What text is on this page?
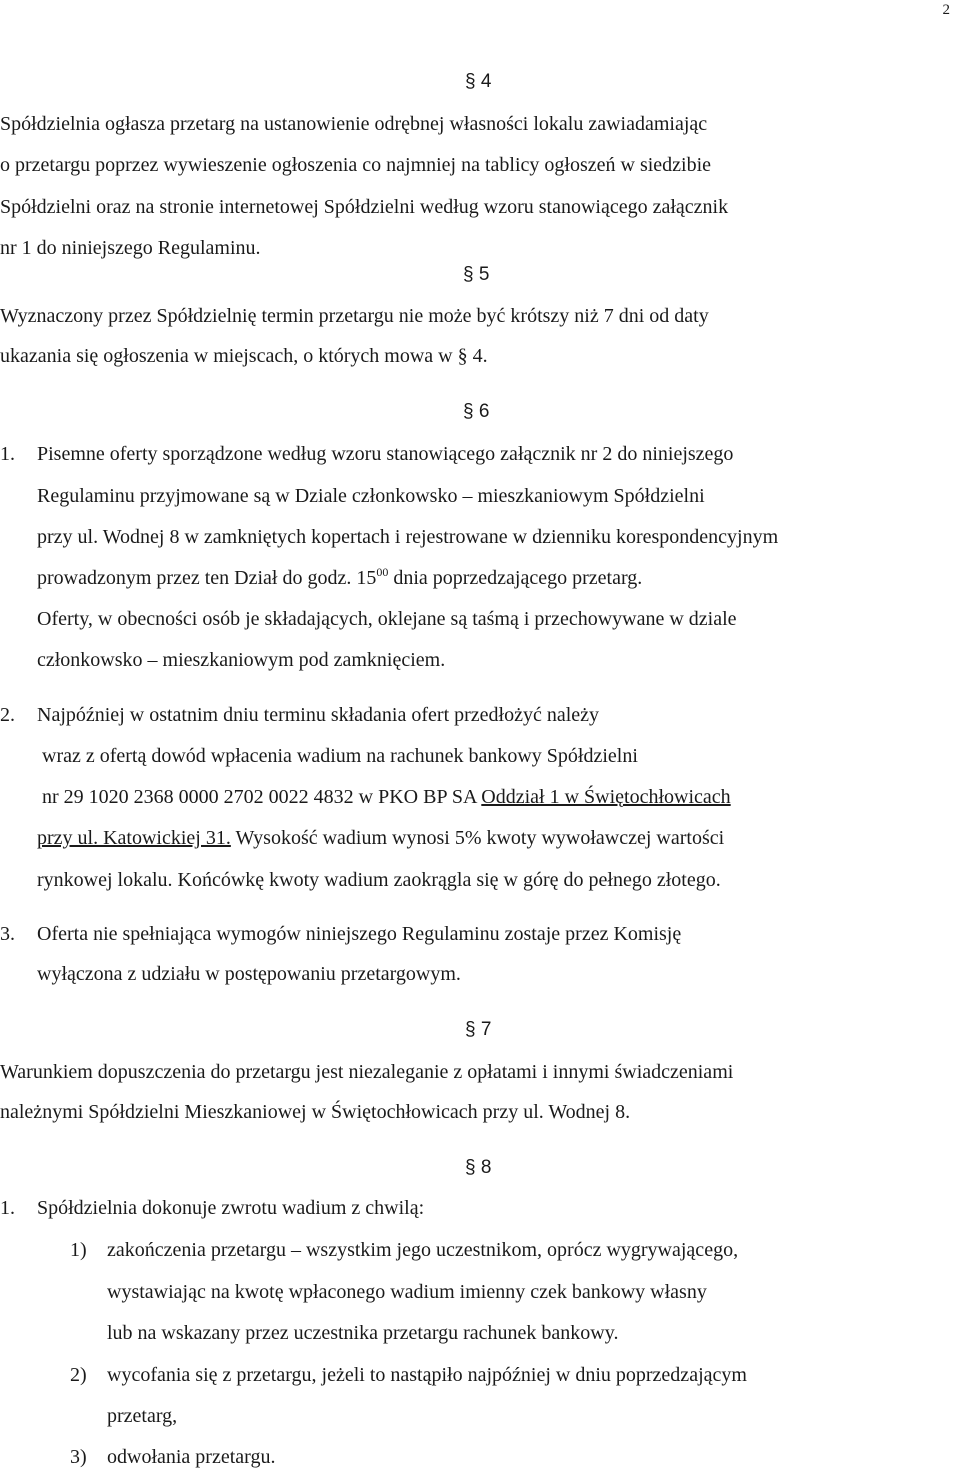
2
§ 4
Spółdzielnia ogłasza przetarg na ustanowienie odrębnej własności lokalu zawiadamiając
o przetargu poprzez wywieszenie ogłoszenia co najmniej na tablicy ogłoszeń w siedzibie
Spółdzielni oraz na stronie internetowej Spółdzielni według wzoru stanowiącego załącznik
nr 1 do niniejszego Regulaminu.
§ 5
Wyznaczony przez Spółdzielnię termin przetargu nie może być krótszy niż 7 dni od daty
ukazania się ogłoszenia w miejscach, o których mowa w § 4.
§ 6
1. Pisemne oferty sporządzone według wzoru stanowiącego załącznik nr 2 do niniejszego
Regulaminu przyjmowane są w Dziale członkowsko – mieszkaniowym Spółdzielni
przy ul. Wodnej 8 w zamkniętych kopertach i rejestrowane w dzienniku korespondencyjnym
prowadzonym przez ten Dział do godz. $15^{00}$ dnia poprzedzającego przetarg.
Oferty, w obecności osób je składających, oklejane są taśmą i przechowywane w dziale
członkowsko – mieszkaniowym pod zamknięciem.
2. Najpóźniej w ostatnim dniu terminu składania ofert przedłożyć należy
wraz z ofertą dowód wpłacenia wadium na rachunek bankowy Spółdzielni
nr 29 1020 2368 0000 2702 0022 4832 w PKO BP SA Oddział 1 w Świętochłowicach
przy ul. Katowickiej 31. Wysokość wadium wynosi 5% kwoty wywoławczej wartości
rynkowej lokalu. Końcówkę kwoty wadium zaokrągla się w górę do pełnego złotego.
3. Oferta nie spełniająca wymogów niniejszego Regulaminu zostaje przez Komisję
wyłączona z udziału w postępowaniu przetargowym.
§ 7
Warunkiem dopuszczenia do przetargu jest niezaleganie z opłatami i innymi świadczeniami
należnymi Spółdzielni Mieszkaniowej w Świętochłowicach przy ul. Wodnej 8.
§ 8
1. Spółdzielnia dokonuje zwrotu wadium z chwilą:
1) zakończenia przetargu – wszystkim jego uczestnikom, oprócz wygrywającego,
wystawiając na kwotę wpłaconego wadium imienny czek bankowy własny
lub na wskazany przez uczestnika przetargu rachunek bankowy.
2) wycofania się z przetargu, jeżeli to nastąpiło najpóźniej w dniu poprzedzającym
przetarg,
3) odwołania przetargu.
